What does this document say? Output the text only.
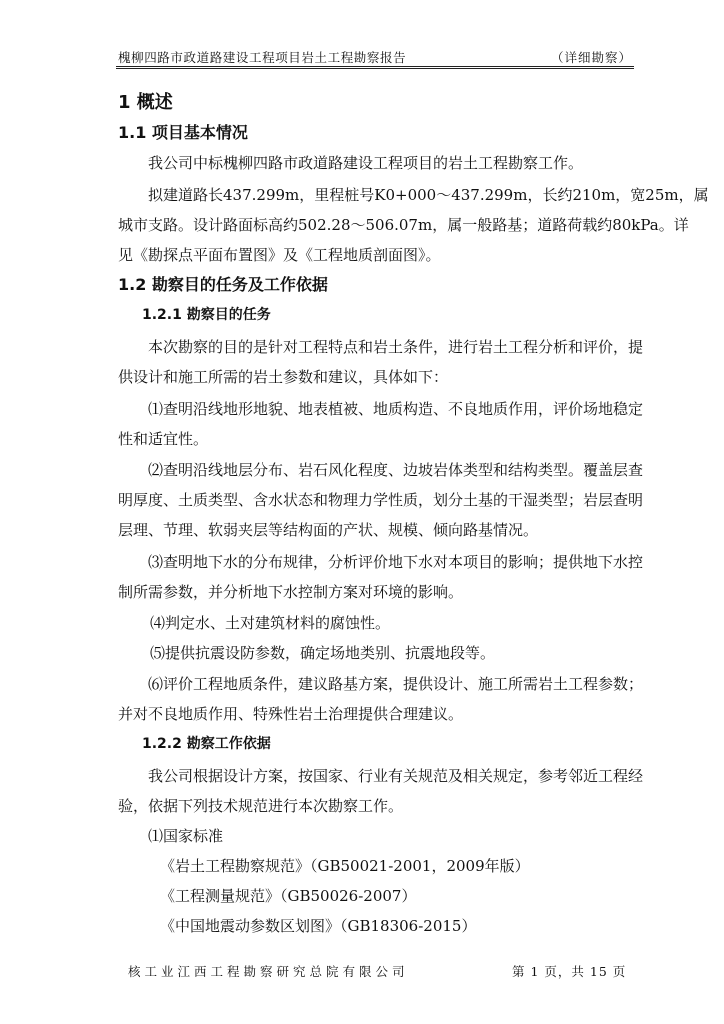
槐柳四路市政道路建设工程项目岩土工程勘察报告	（详细勘察）
1 概述
1.1 项目基本情况
我公司中标槐柳四路市政道路建设工程项目的岩土工程勘察工作。
拟建道路长437.299m，里程桩号K0+000～437.299m，长约210m，宽25m，属
城市支路。设计路面标高约502.28～506.07m，属一般路基；道路荷载约80kPa。详
见《勘探点平面布置图》及《工程地质剖面图》。
1.2 勘察目的任务及工作依据
1.2.1 勘察目的任务
本次勘察的目的是针对工程特点和岩土条件，进行岩土工程分析和评价，提
供设计和施工所需的岩土参数和建议，具体如下：
⑴查明沿线地形地貌、地表植被、地质构造、不良地质作用，评价场地稳定
性和适宜性。
⑵查明沿线地层分布、岩石风化程度、边坡岩体类型和结构类型。覆盖层查
明厚度、土质类型、含水状态和物理力学性质，划分土基的干湿类型；岩层查明
层理、节理、软弱夹层等结构面的产状、规模、倾向路基情况。
⑶查明地下水的分布规律，分析评价地下水对本项目的影响；提供地下水控
制所需参数，并分析地下水控制方案对环境的影响。
⑷判定水、土对建筑材料的腐蚀性。
⑸提供抗震设防参数，确定场地类别、抗震地段等。
⑹评价工程地质条件，建议路基方案，提供设计、施工所需岩土工程参数；
并对不良地质作用、特殊性岩土治理提供合理建议。
1.2.2 勘察工作依据
我公司根据设计方案，按国家、行业有关规范及相关规定，参考邻近工程经
验，依据下列技术规范进行本次勘察工作。
⑴国家标准
《岩土工程勘察规范》（GB50021-2001，2009年版）
《工程测量规范》（GB50026-2007）
《中国地震动参数区划图》（GB18306-2015）
核工业江西工程勘察研究总院有限公司	第 1 页，共 15 页
